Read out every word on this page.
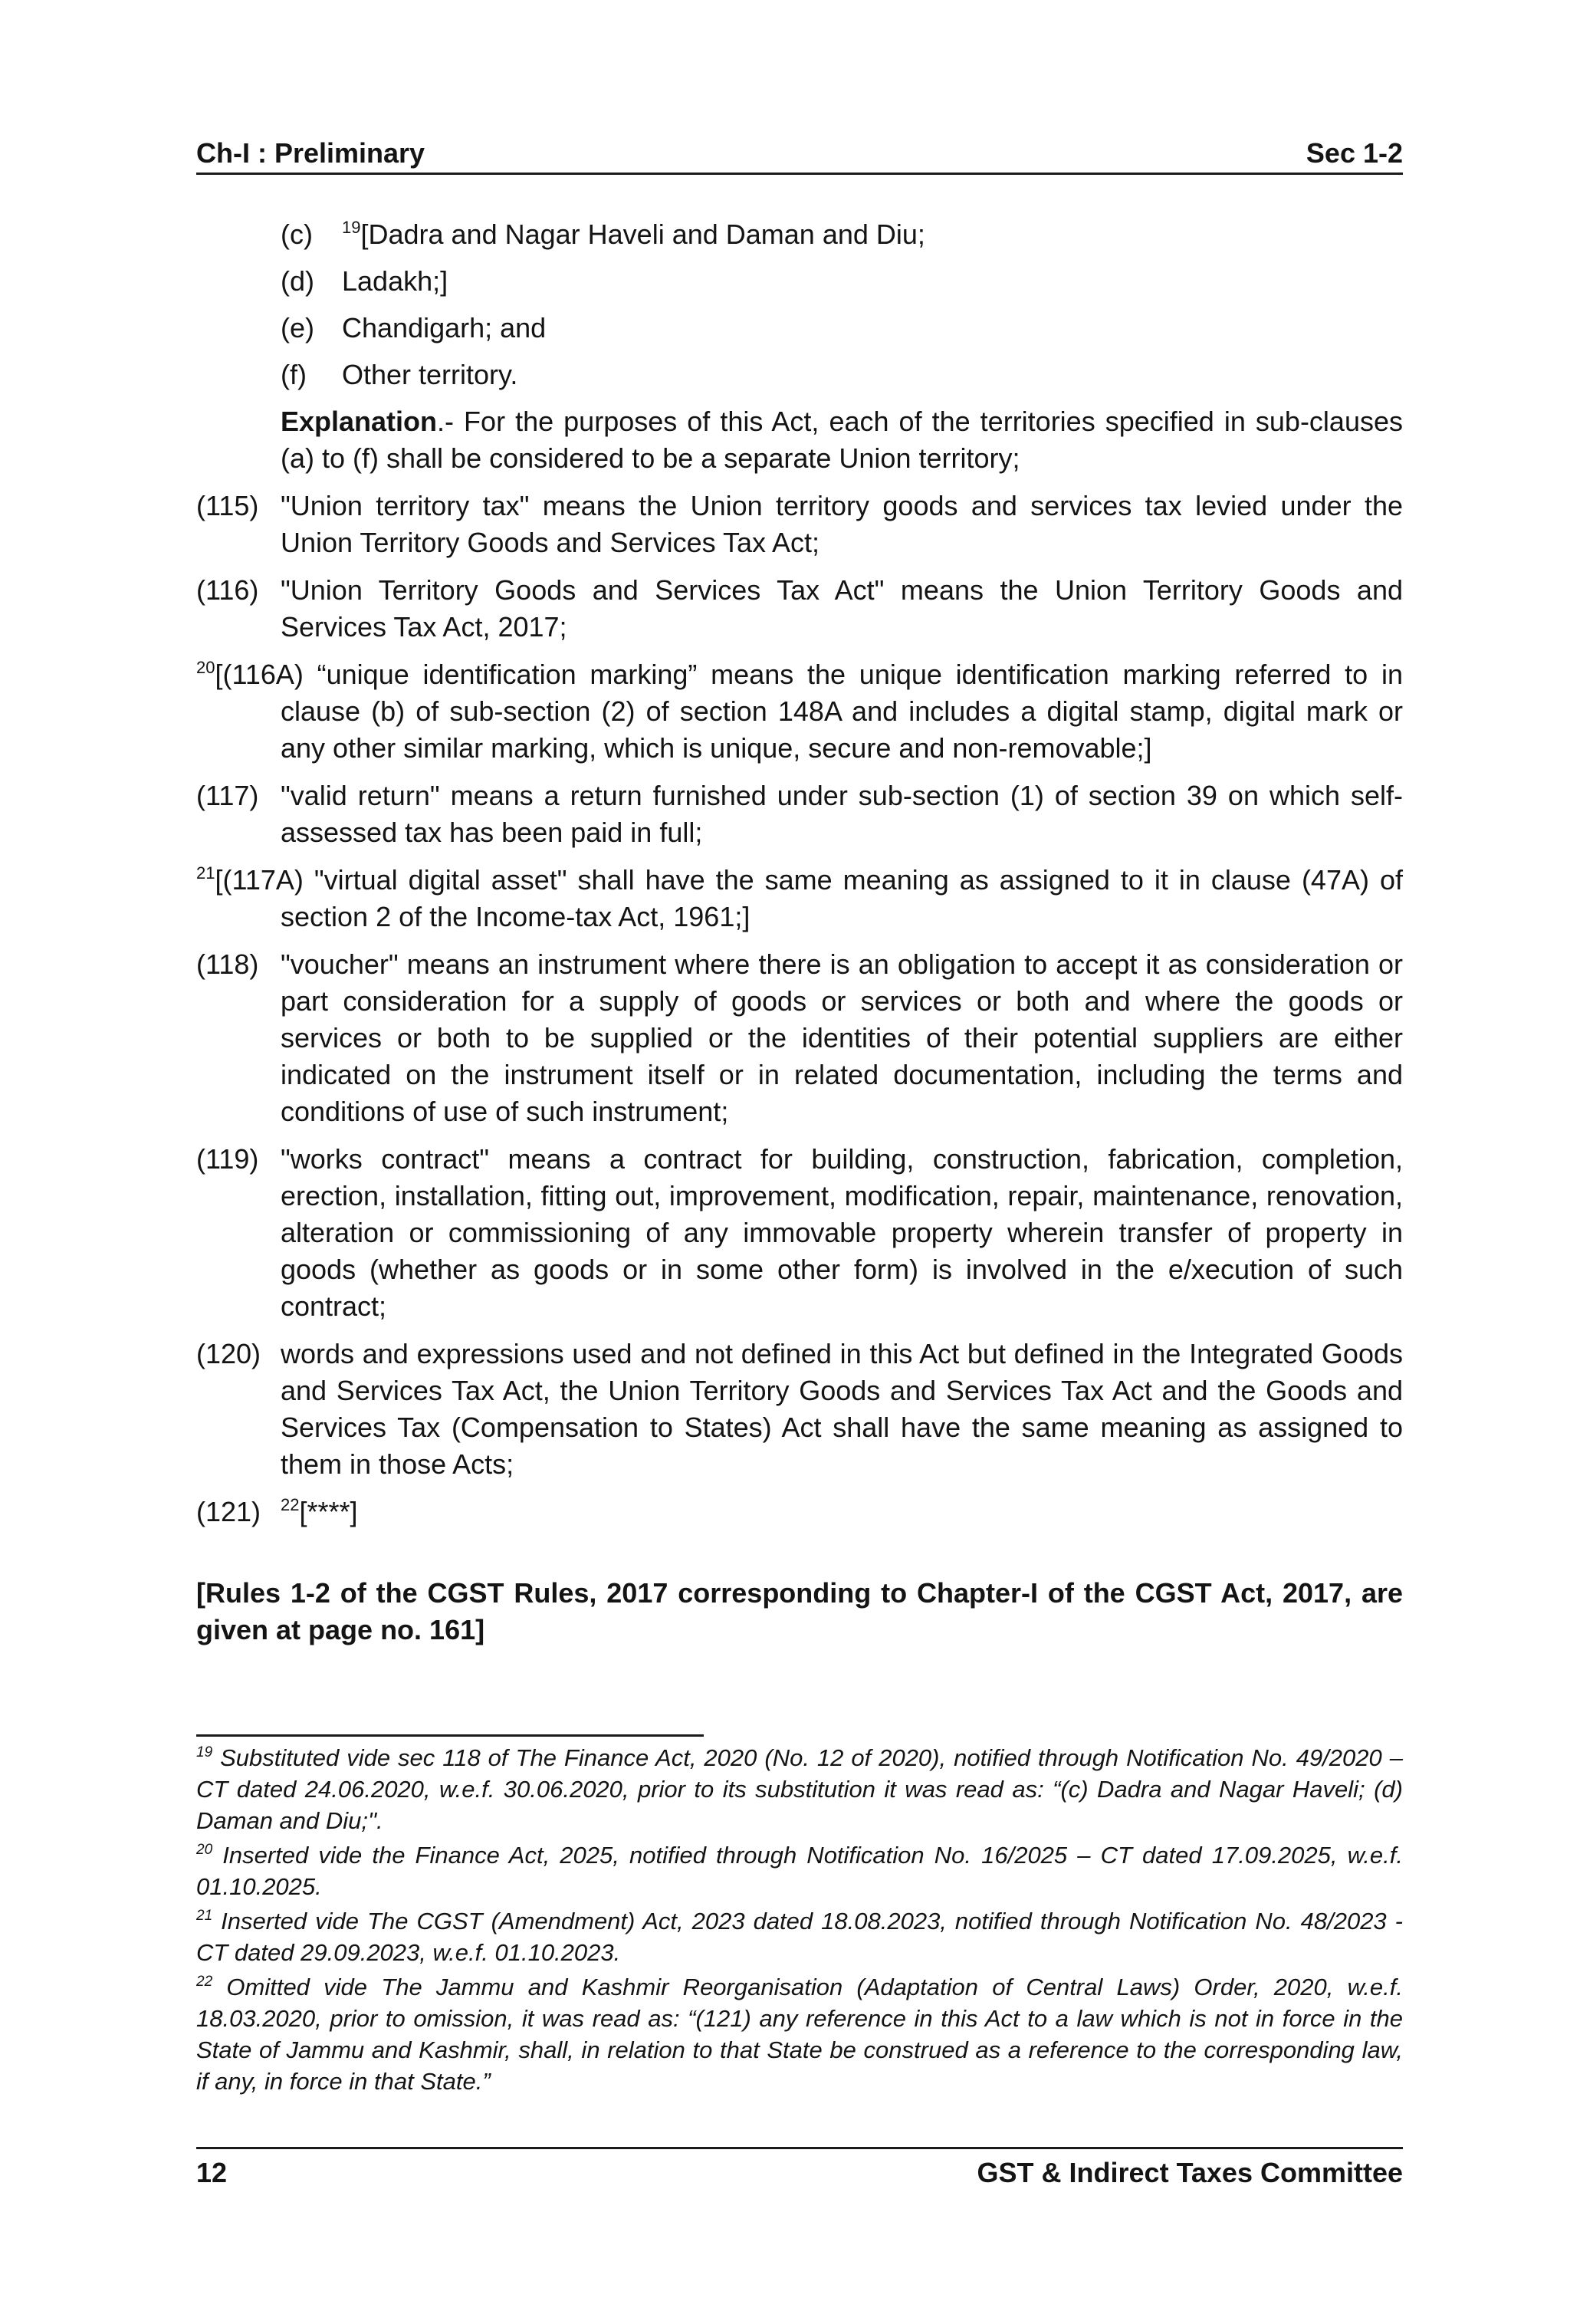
Ch-I : Preliminary	Sec 1-2
(c)	$^{19}$[Dadra and Nagar Haveli and Daman and Diu;
(d)	Ladakh;]
(e)	Chandigarh; and
(f)	Other territory.
Explanation.- For the purposes of this Act, each of the territories specified in sub-clauses (a) to (f) shall be considered to be a separate Union territory;
(115) "Union territory tax" means the Union territory goods and services tax levied under the Union Territory Goods and Services Tax Act;
(116) "Union Territory Goods and Services Tax Act" means the Union Territory Goods and Services Tax Act, 2017;
$^{20}$[(116A) “unique identification marking” means the unique identification marking referred to in clause (b) of sub-section (2) of section 148A and includes a digital stamp, digital mark or any other similar marking, which is unique, secure and non-removable;]
(117) "valid return" means a return furnished under sub-section (1) of section 39 on which self-assessed tax has been paid in full;
$^{21}$[(117A) "virtual digital asset" shall have the same meaning as assigned to it in clause (47A) of section 2 of the Income-tax Act, 1961;]
(118) "voucher" means an instrument where there is an obligation to accept it as consideration or part consideration for a supply of goods or services or both and where the goods or services or both to be supplied or the identities of their potential suppliers are either indicated on the instrument itself or in related documentation, including the terms and conditions of use of such instrument;
(119) "works contract" means a contract for building, construction, fabrication, completion, erection, installation, fitting out, improvement, modification, repair, maintenance, renovation, alteration or commissioning of any immovable property wherein transfer of property in goods (whether as goods or in some other form) is involved in the e/xecution of such contract;
(120) words and expressions used and not defined in this Act but defined in the Integrated Goods and Services Tax Act, the Union Territory Goods and Services Tax Act and the Goods and Services Tax (Compensation to States) Act shall have the same meaning as assigned to them in those Acts;
(121)	$^{22}$[****]
[Rules 1-2 of the CGST Rules, 2017 corresponding to Chapter-I of the CGST Act, 2017, are given at page no. 161]

$^{19}$ Substituted vide sec 118 of The Finance Act, 2020 (No. 12 of 2020), notified through Notification No. 49/2020 – CT dated 24.06.2020, w.e.f. 30.06.2020, prior to its substitution it was read as: “(c) Dadra and Nagar Haveli; (d) Daman and Diu;".

$^{20}$ Inserted vide the Finance Act, 2025, notified through Notification No. 16/2025 – CT dated 17.09.2025, w.e.f. 01.10.2025.

$^{21}$ Inserted vide The CGST (Amendment) Act, 2023 dated 18.08.2023, notified through Notification No. 48/2023 - CT dated 29.09.2023, w.e.f. 01.10.2023.

$^{22}$ Omitted vide The Jammu and Kashmir Reorganisation (Adaptation of Central Laws) Order, 2020, w.e.f. 18.03.2020, prior to omission, it was read as: “(121) any reference in this Act to a law which is not in force in the State of Jammu and Kashmir, shall, in relation to that State be construed as a reference to the corresponding law, if any, in force in that State.”

12	GST & Indirect Taxes Committee
